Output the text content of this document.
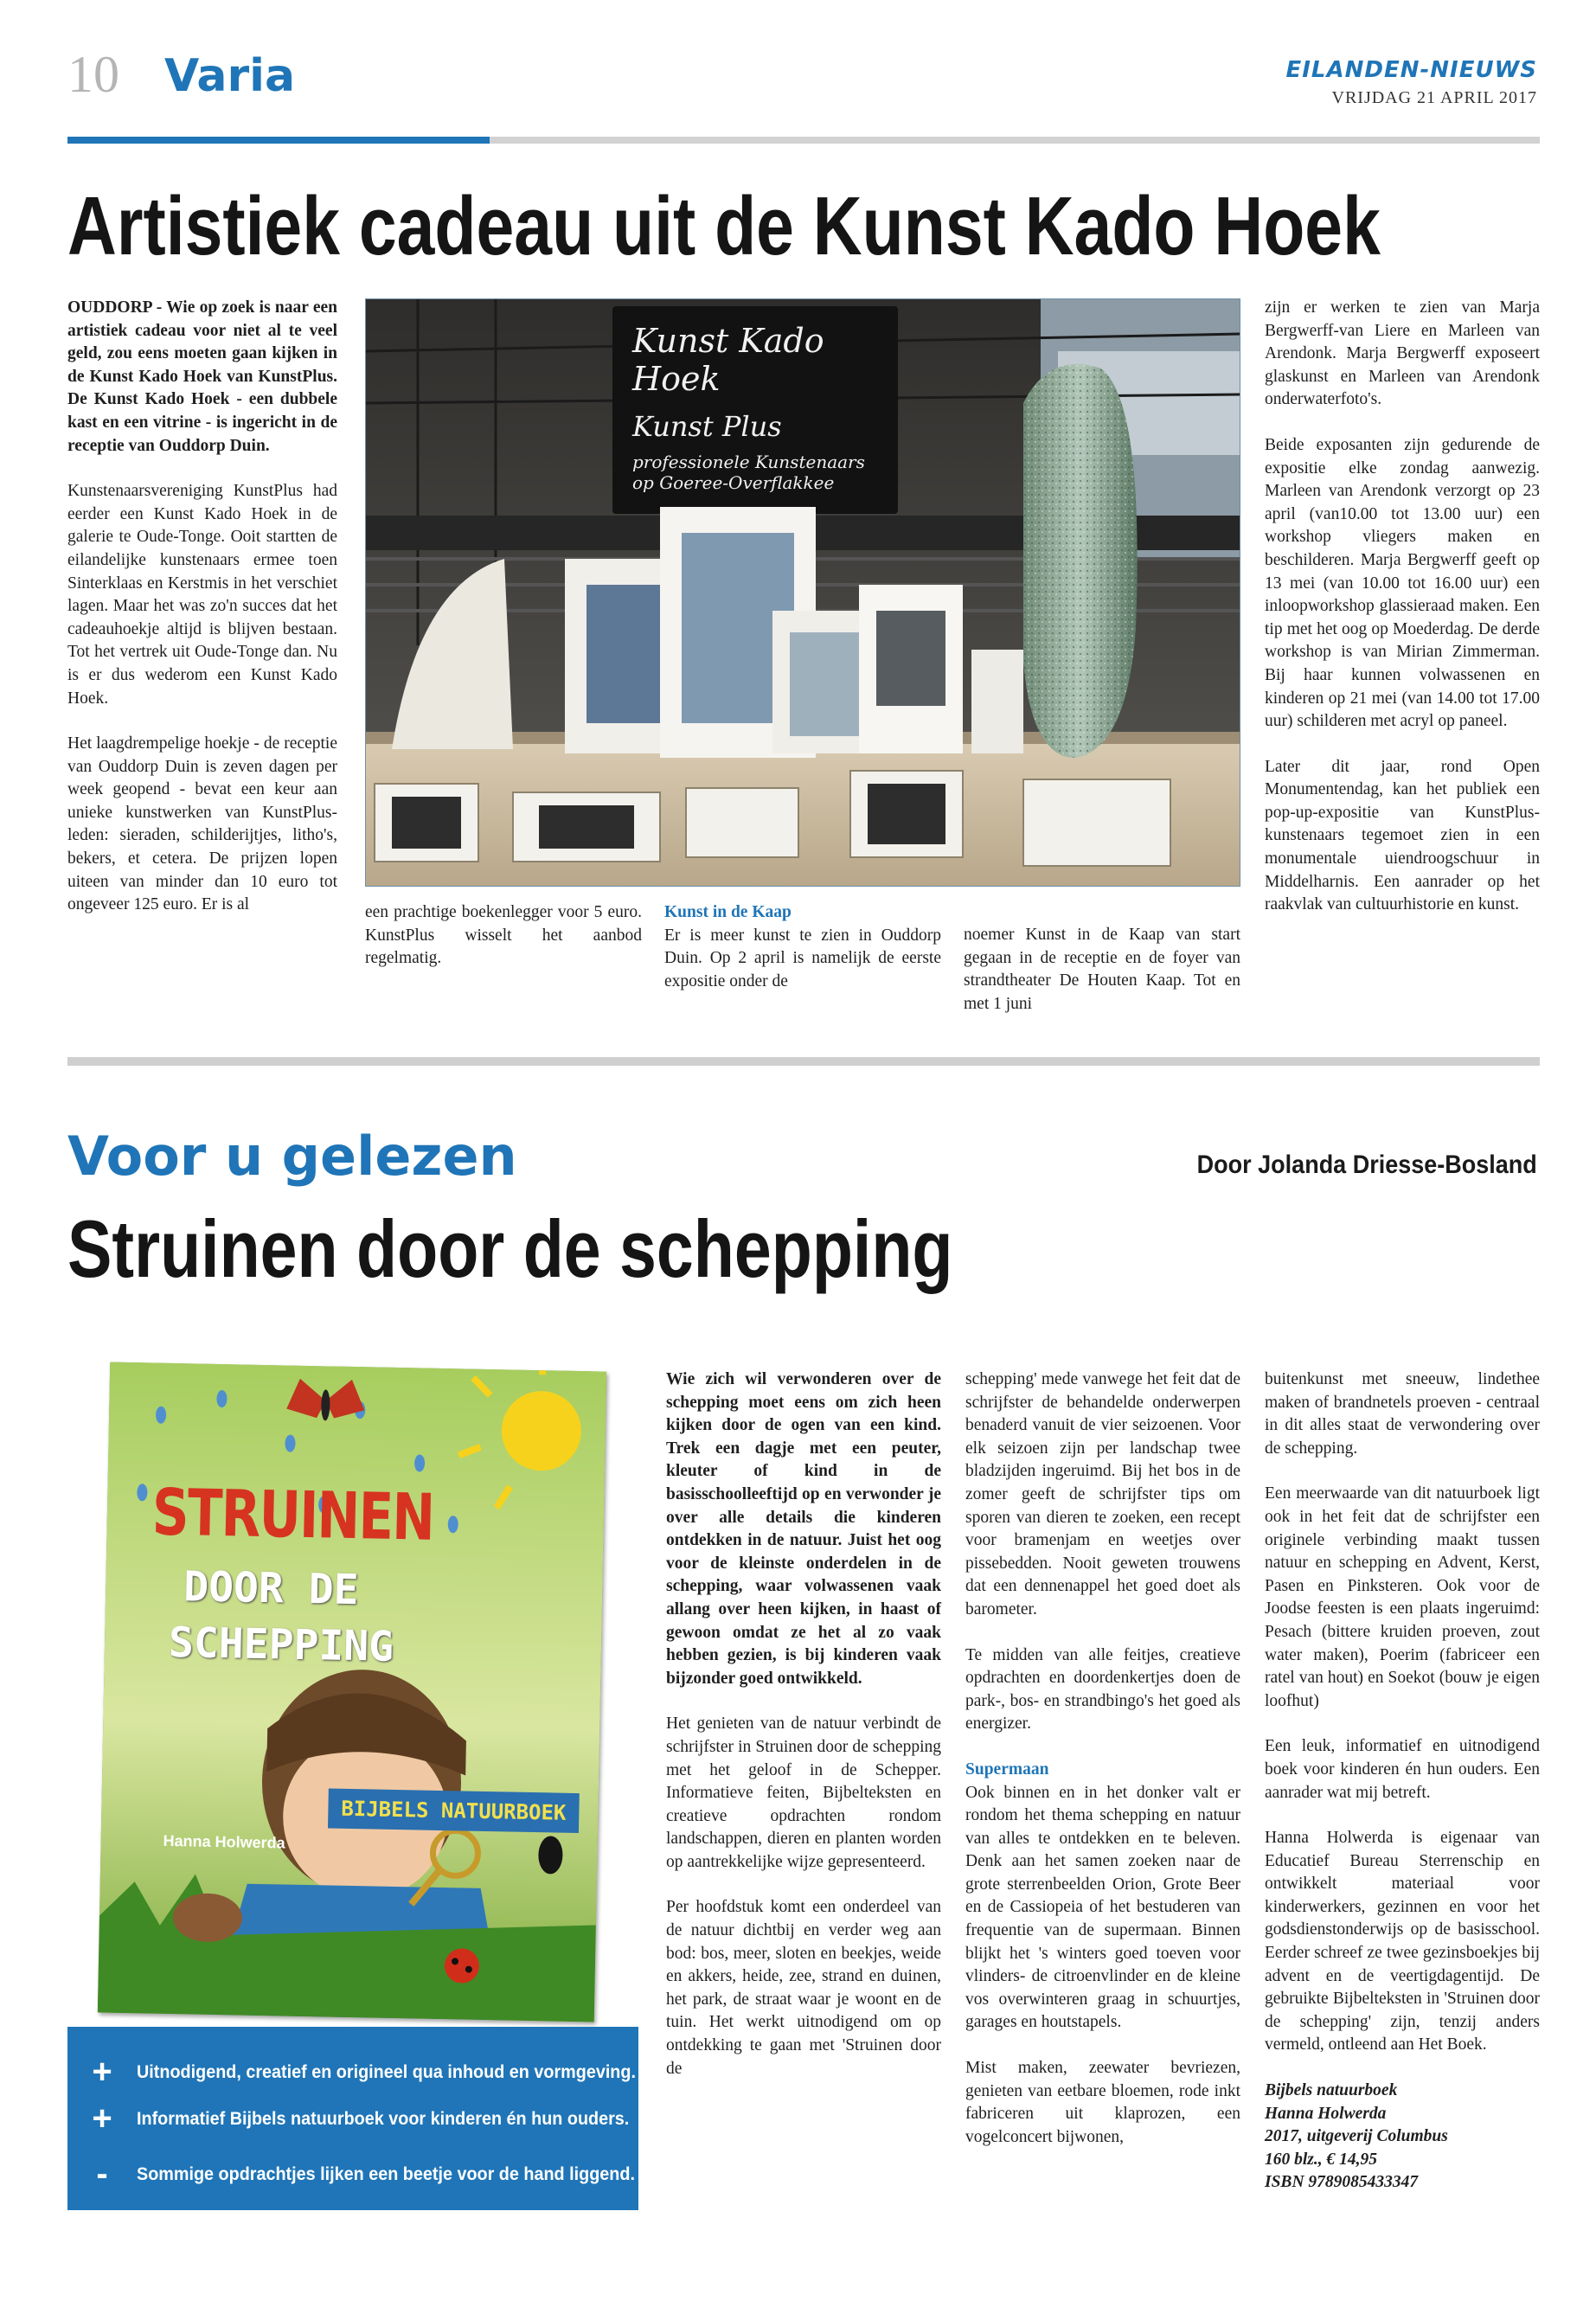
10 Varia	EILANDEN-NIEUWS
VRIJDAG 21 APRIL 2017
Artistiek cadeau uit de Kunst Kado Hoek

OUDDORP - Wie op zoek is naar een artistiek cadeau voor niet al te veel geld, zou eens moeten gaan kijken in de Kunst Kado Hoek van KunstPlus. De Kunst Kado Hoek - een dubbele kast en een vitrine - is ingericht in de receptie van Ouddorp Duin.

Kunstenaarsvereniging KunstPlus had eerder een Kunst Kado Hoek in de galerie te Oude-Tonge. Ooit startten de eilandelijke kunstenaars ermee toen Sinterklaas en Kerstmis in het verschiet lagen. Maar het was zo'n succes dat het cadeauhoekje altijd is blijven bestaan. Tot het vertrek uit Oude-Tonge dan. Nu is er dus wederom een Kunst Kado Hoek.

Het laagdrempelige hoekje - de receptie van Ouddorp Duin is zeven dagen per week geopend - bevat een keur aan unieke kunstwerken van KunstPlus-leden: sieraden, schilderijtjes, litho's, bekers, et cetera. De prijzen lopen uiteen van minder dan 10 euro tot ongeveer 125 euro. Er is al

Kunst Kado Hoek
Kunst Plus
professionele Kunstenaars
op Goeree-Overflakkee

een prachtige boekenlegger voor 5 euro. KunstPlus wisselt het aanbod regelmatig.

Kunst in de Kaap
Er is meer kunst te zien in Ouddorp Duin. Op 2 april is namelijk de eerste expositie onder de

noemer Kunst in de Kaap van start gegaan in de receptie en de foyer van strandtheater De Houten Kaap. Tot en met 1 juni

zijn er werken te zien van Marja Bergwerff-van Liere en Marleen van Arendonk. Marja Bergwerff exposeert glaskunst en Marleen van Arendonk onderwaterfoto's.

Beide exposanten zijn gedurende de expositie elke zondag aanwezig. Marleen van Arendonk verzorgt op 23 april (van10.00 tot 13.00 uur) een workshop vliegers maken en beschilderen. Marja Bergwerff geeft op 13 mei (van 10.00 tot 16.00 uur) een inloopworkshop glassieraad maken. Een tip met het oog op Moederdag. De derde workshop is van Mirian Zimmerman. Bij haar kunnen volwassenen en kinderen op 21 mei (van 14.00 tot 17.00 uur) schilderen met acryl op paneel.

Later dit jaar, rond Open Monumentendag, kan het publiek een pop-up-expositie van KunstPlus-kunstenaars tegemoet zien in een monumentale uiendroogschuur in Middelharnis. Een aanrader op het raakvlak van cultuurhistorie en kunst.

Voor u gelezen	Door Jolanda Driesse-Bosland
Struinen door de schepping
STRUINEN
DOOR DE
SCHEPPING
BIJBELS NATUURBOEK
Hanna Holwerda
+	Uitnodigend, creatief en origineel qua inhoud en vormgeving.
+	Informatief Bijbels natuurboek voor kinderen én hun ouders.
-	Sommige opdrachtjes lijken een beetje voor de hand liggend.

Wie zich wil verwonderen over de schepping moet eens om zich heen kijken door de ogen van een kind. Trek een dagje met een peuter, kleuter of kind in de basisschoolleeftijd op en verwonder je over alle details die kinderen ontdekken in de natuur. Juist het oog voor de kleinste onderdelen in de schepping, waar volwassenen vaak allang over heen kijken, in haast of gewoon omdat ze het al zo vaak hebben gezien, is bij kinderen vaak bijzonder goed ontwikkeld.

Het genieten van de natuur verbindt de schrijfster in Struinen door de schepping met het geloof in de Schepper. Informatieve feiten, Bijbelteksten en creatieve opdrachten rondom landschappen, dieren en planten worden op aantrekkelijke wijze gepresenteerd.

Per hoofdstuk komt een onderdeel van de natuur dichtbij en verder weg aan bod: bos, meer, sloten en beekjes, weide en akkers, heide, zee, strand en duinen, het park, de straat waar je woont en de tuin. Het werkt uitnodigend om op ontdekking te gaan met 'Struinen door de

schepping' mede vanwege het feit dat de schrijfster de behandelde onderwerpen benaderd vanuit de vier seizoenen. Voor elk seizoen zijn per landschap twee bladzijden ingeruimd. Bij het bos in de zomer geeft de schrijfster tips om sporen van dieren te zoeken, een recept voor bramenjam en weetjes over pissebedden. Nooit geweten trouwens dat een dennenappel het goed doet als barometer.

Te midden van alle feitjes, creatieve opdrachten en doordenkertjes doen de park-, bos- en strandbingo's het goed als energizer.

Supermaan
Ook binnen en in het donker valt er rondom het thema schepping en natuur van alles te ontdekken en te beleven. Denk aan het samen zoeken naar de grote sterrenbeelden Orion, Grote Beer en de Cassiopeia of het bestuderen van frequentie van de supermaan. Binnen blijkt het 's winters goed toeven voor vlinders- de citroenvlinder en de kleine vos overwinteren graag in schuurtjes, garages en houtstapels.

Mist maken, zeewater bevriezen, genieten van eetbare bloemen, rode inkt fabriceren uit klaprozen, een vogelconcert bijwonen,

buitenkunst met sneeuw, lindethee maken of brandnetels proeven - centraal in dit alles staat de verwondering over de schepping.

Een meerwaarde van dit natuurboek ligt ook in het feit dat de schrijfster een originele verbinding maakt tussen natuur en schepping en Advent, Kerst, Pasen en Pinksteren. Ook voor de Joodse feesten is een plaats ingeruimd: Pesach (bittere kruiden proeven, zout water maken), Poerim (fabriceer een ratel van hout) en Soekot (bouw je eigen loofhut)

Een leuk, informatief en uitnodigend boek voor kinderen én hun ouders. Een aanrader wat mij betreft.

Hanna Holwerda is eigenaar van Educatief Bureau Sterrenschip en ontwikkelt materiaal voor kinderwerkers, gezinnen en voor het godsdienstonderwijs op de basisschool. Eerder schreef ze twee gezinsboekjes bij advent en de veertigdagentijd. De gebruikte Bijbelteksten in 'Struinen door de schepping' zijn, tenzij anders vermeld, ontleend aan Het Boek.

Bijbels natuurboek
Hanna Holwerda
2017, uitgeverij Columbus
160 blz., € 14,95
ISBN 9789085433347
